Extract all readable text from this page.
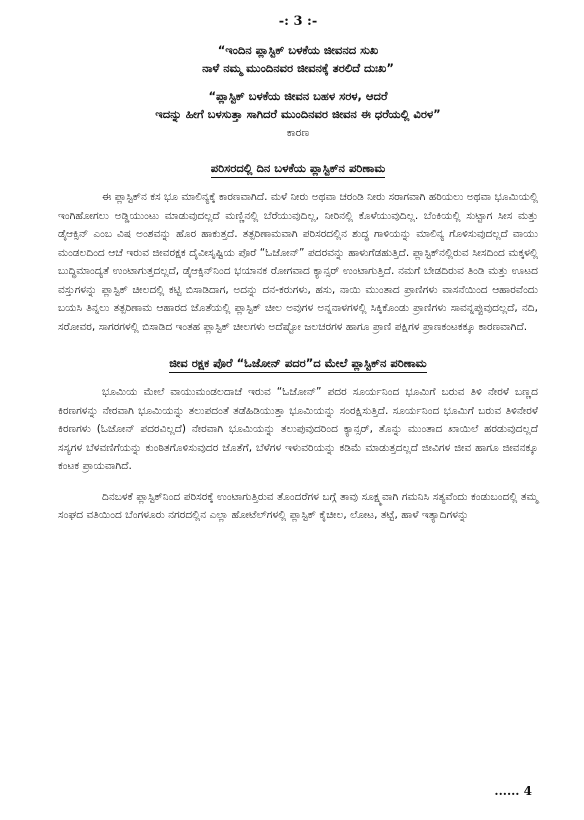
-: 3 :-
“ಇಂದಿನ ಪ್ಲಾಸ್ಟಿಕ್ ಬಳಕೆಯ ಜೀವನದ ಸುಖ
ನಾಳೆ ನಮ್ಮ ಮುಂದಿನವರ ಜೀವನಕ್ಕೆ ತರಲಿದೆ ದುಃಖ”
“ಪ್ಲಾಸ್ಟಿಕ್ ಬಳಕೆಯ ಜೀವನ ಬಹಳ ಸರಳ, ಆದರೆ
ಇದನ್ನು ಹೀಗೆ ಬಳಸುತ್ತಾ ಸಾಗಿದರೆ ಮುಂದಿನವರ ಜೀವನ ಈ ಧರೆಯಲ್ಲಿ ವಿರಳ”
ಕಾರಣ
ಪರಿಸರದಲ್ಲಿ ದಿನ ಬಳಕೆಯ ಪ್ಲಾಸ್ಟಿಕ್‌ನ ಪರಿಣಾಮ

ಈ ಪ್ಲಾಸ್ಟಿಕ್‌ನ ಕಸ ಭೂ ಮಾಲಿನ್ಯಕ್ಕೆ ಕಾರಣವಾಗಿದೆ. ಮಳೆ ನೀರು ಅಥವಾ ಚರಂಡಿ ನೀರು ಸರಾಗವಾಗಿ ಹರಿಯಲು ಅಥವಾ ಭೂಮಿಯಲ್ಲಿ ಇಂಗಿಹೋಗಲು ಅಡ್ಡಿಯುಂಟು ಮಾಡುವುದಲ್ಲದೆ ಮಣ್ಣಿನಲ್ಲಿ ಬೆರೆಯುವುದಿಲ್ಲ, ನೀರಿನಲ್ಲಿ ಕೊಳೆಯುವುದಿಲ್ಲ. ಬೆಂಕಿಯಲ್ಲಿ ಸುಟ್ಟಾಗ ಸೀಸ ಮತ್ತು ಡೈಆಕ್ಸಿನ್ ಎಂಬ ವಿಷ ಅಂಶವನ್ನು ಹೊರ ಹಾಕುತ್ತದೆ. ತತ್ಪರಿಣಾಮವಾಗಿ ಪರಿಸರದಲ್ಲಿನ ಶುದ್ಧ ಗಾಳಿಯನ್ನು ಮಾಲಿನ್ಯ ಗೊಳಿಸುವುದಲ್ಲದೆ ವಾಯು ಮಂಡಲದಿಂದ ಆಚೆ ಇರುವ ಜೀವರಕ್ಷಕ ದೈವೀಸೃಷ್ಟಿಯ ಪೊರೆ “ಓಜೋನ್” ಪದರವನ್ನು ಹಾಳುಗೆಡಹುತ್ತಿದೆ. ಪ್ಲಾಸ್ಟಿಕ್‌ನಲ್ಲಿರುವ ಸೀಸದಿಂದ ಮಕ್ಕಳಲ್ಲಿ ಬುದ್ಧಿಮಾಂದ್ಯತೆ ಉಂಟಾಗುತ್ತದಲ್ಲದೆ, ಡೈಆಕ್ಸಿನ್‌ನಿಂದ ಭಯಾನಕ ರೋಗವಾದ ಕ್ಯಾನ್ಸರ್ ಉಂಟಾಗುತ್ತಿದೆ. ನಮಗೆ ಬೇಡದಿರುವ ತಿಂಡಿ ಮತ್ತು ಊಟದ ವಸ್ತುಗಳನ್ನು ಪ್ಲಾಸ್ಟಿಕ್ ಚೀಲದಲ್ಲಿ ಕಟ್ಟಿ ಬಿಸಾಡಿದಾಗ, ಅದನ್ನು ದನ-ಕರುಗಳು, ಹಸು, ನಾಯಿ ಮುಂತಾದ ಪ್ರಾಣಿಗಳು ವಾಸನೆಯಿಂದ ಆಹಾರವೆಂದು ಬಯಸಿ ತಿನ್ನಲು ತತ್ಪರಿಣಾಮ ಆಹಾರದ ಜೊತೆಯಲ್ಲಿ ಪ್ಲಾಸ್ಟಿಕ್ ಚೀಲ ಅವುಗಳ ಅನ್ನನಾಳಗಳಲ್ಲಿ ಸಿಕ್ಕಿಕೊಂಡು ಪ್ರಾಣಿಗಳು ಸಾವನ್ನಪ್ಪುವುದಲ್ಲದೆ, ನದಿ, ಸರೋವರ, ಸಾಗರಗಳಲ್ಲಿ ಬಿಸಾಡಿದ ಇಂತಹ ಪ್ಲಾಸ್ಟಿಕ್ ಚೀಲಗಳು ಅದೆಷ್ಟೋ ಜಲಚರಗಳ ಹಾಗೂ ಪ್ರಾಣಿ ಪಕ್ಷಿಗಳ ಪ್ರಾಣಕಂಟಕಕ್ಕೂ ಕಾರಣವಾಗಿದೆ.

ಜೀವ ರಕ್ಷಕ ಪೊರೆ “ಓಜೋನ್ ಪದರ”ದ ಮೇಲೆ ಪ್ಲಾಸ್ಟಿಕ್‌ನ ಪರಿಣಾಮ

ಭೂಮಿಯ ಮೇಲೆ ವಾಯುಮಂಡಲದಾಚೆ ಇರುವ “ಓಜೋನ್” ಪದರ ಸೂರ್ಯನಿಂದ ಭೂಮಿಗೆ ಬರುವ ತಿಳಿ ನೇರಳೆ ಬಣ್ಣದ ಕಿರಣಗಳನ್ನು ನೇರವಾಗಿ ಭೂಮಿಯನ್ನು ತಲುಪದಂತೆ ತಡೆಹಿಡಿಯುತ್ತಾ ಭೂಮಿಯನ್ನು ಸಂರಕ್ಷಿಸುತ್ತಿದೆ. ಸೂರ್ಯನಿಂದ ಭೂಮಿಗೆ ಬರುವ ತಿಳಿನೇರಳೆ ಕಿರಣಗಳು (ಓಜೋನ್ ಪದರವಿಲ್ಲದೆ) ನೇರವಾಗಿ ಭೂಮಿಯನ್ನು ತಲುಪುವುದರಿಂದ ಕ್ಯಾನ್ಸರ್, ತೊನ್ನು ಮುಂತಾದ ಖಾಯಿಲೆ ಹರಡುವುದಲ್ಲದೆ ಸಸ್ಯಗಳ ಬೆಳವಣಿಗೆಯನ್ನು ಕುಂಠಿತಗೊಳಿಸುವುದರ ಜೊತೆಗೆ, ಬೆಳೆಗಳ ಇಳುವರಿಯನ್ನು ಕಡಿಮೆ ಮಾಡುತ್ತದಲ್ಲದೆ ಜೀವಿಗಳ ಜೀವ ಹಾಗೂ ಜೀವನಕ್ಕೂ ಕಂಟಕ ಪ್ರಾಯವಾಗಿದೆ.

ದಿನಬಳಕೆ ಪ್ಲಾಸ್ಟಿಕ್‌ನಿಂದ ಪರಿಸರಕ್ಕೆ ಉಂಟಾಗುತ್ತಿರುವ ತೊಂದರೆಗಳ ಬಗ್ಗೆ ತಾವು ಸೂಕ್ಷ್ಮವಾಗಿ ಗಮನಿಸಿ ಸತ್ಯವೆಂದು ಕಂಡುಬಂದಲ್ಲಿ ತಮ್ಮ ಸಂಘದ ವತಿಯಿಂದ ಬೆಂಗಳೂರು ನಗರದಲ್ಲಿನ ಎಲ್ಲಾ ಹೋಟೆಲ್‌ಗಳಲ್ಲಿ ಪ್ಲಾಸ್ಟಿಕ್ ಕೈಚೀಲ, ಲೋಟ, ತಟ್ಟೆ, ಹಾಳೆ ಇತ್ಯಾದಿಗಳನ್ನು

...... 4
